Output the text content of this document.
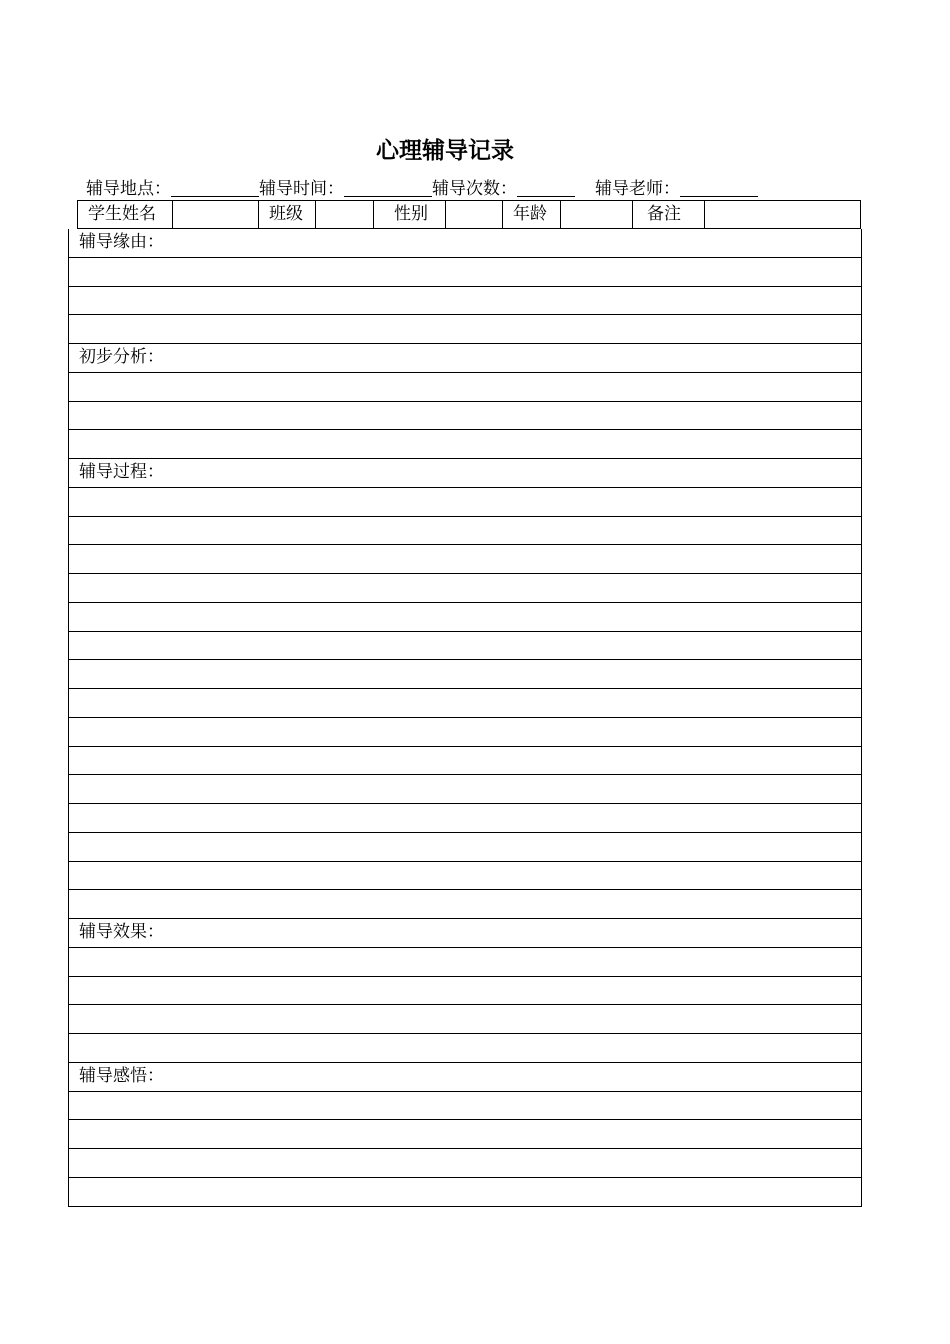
心理辅导记录
辅导地点：	辅导时间：	辅导次数：	辅导老师：
学生姓名	班级	性别	年龄	备注
辅导缘由：
初步分析：
辅导过程：
辅导效果：
辅导感悟：
